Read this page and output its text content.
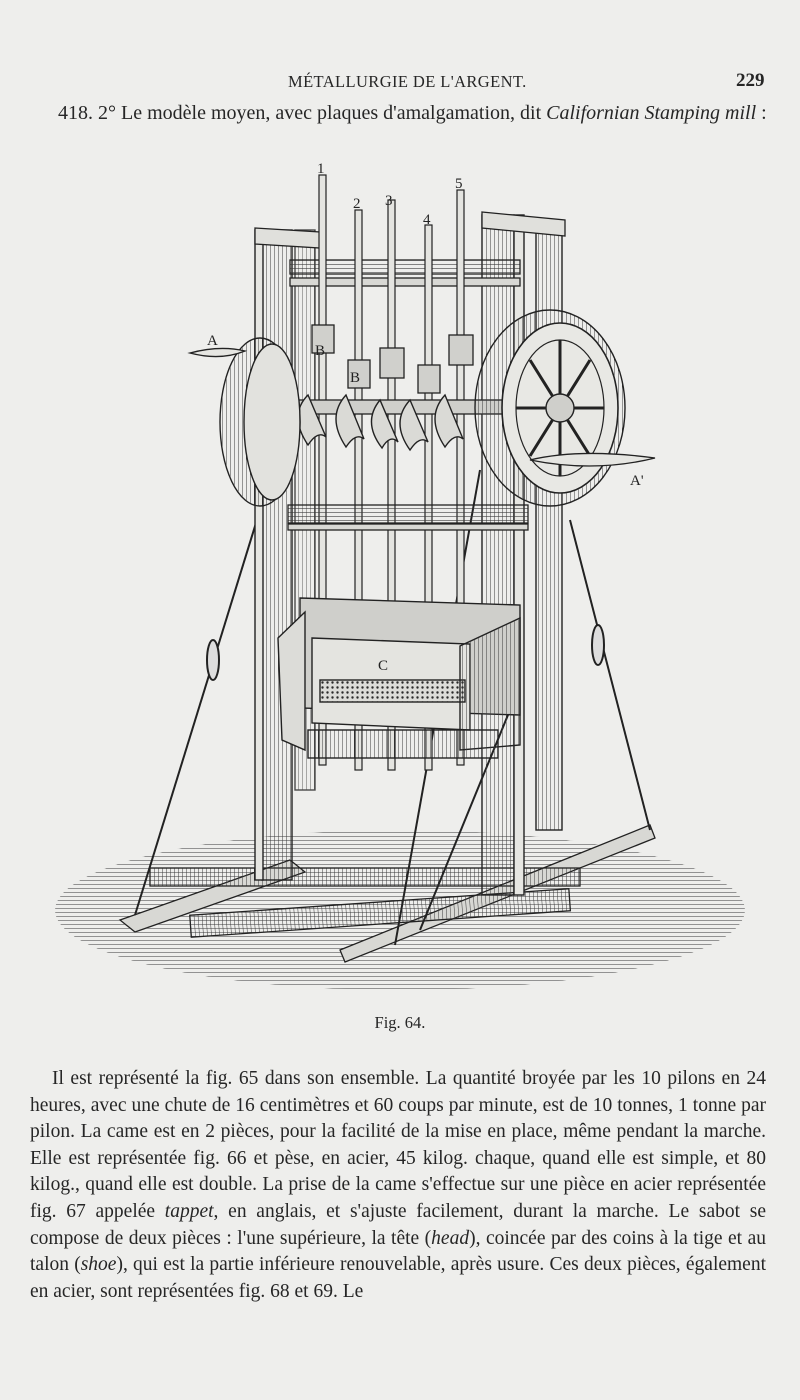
MÉTALLURGIE DE L'ARGENT.	229
418. 2° Le modèle moyen, avec plaques d'amalgamation, dit Californian Stamping mill :
1
2 3
4
5
A
A'
B
B
C
Fig. 64.

Il est représenté la fig. 65 dans son ensemble. La quantité broyée par les 10 pilons en 24 heures, avec une chute de 16 centimètres et 60 coups par minute, est de 10 tonnes, 1 tonne par pilon. La came est en 2 pièces, pour la facilité de la mise en place, même pendant la marche. Elle est représentée fig. 66 et pèse, en acier, 45 kilog. chaque, quand elle est simple, et 80 kilog., quand elle est double. La prise de la came s'effectue sur une pièce en acier représentée fig. 67 appelée tappet, en anglais, et s'ajuste facilement, durant la marche. Le sabot se compose de deux pièces : l'une supérieure, la tête (head), coincée par des coins à la tige et au talon (shoe), qui est la partie inférieure renouvelable, après usure. Ces deux pièces, également en acier, sont représentées fig. 68 et 69. Le
